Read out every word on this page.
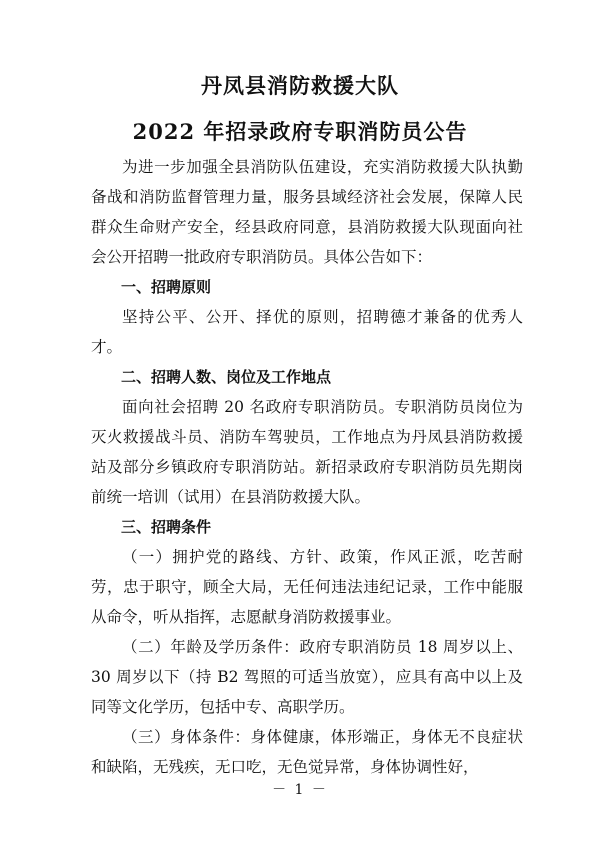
丹凤县消防救援大队
2022 年招录政府专职消防员公告

为进一步加强全县消防队伍建设，充实消防救援大队执勤备战和消防监督管理力量，服务县域经济社会发展，保障人民群众生命财产安全，经县政府同意，县消防救援大队现面向社会公开招聘一批政府专职消防员。具体公告如下：

一、招聘原则

坚持公平、公开、择优的原则，招聘德才兼备的优秀人才。

二、招聘人数、岗位及工作地点

面向社会招聘 20 名政府专职消防员。专职消防员岗位为灭火救援战斗员、消防车驾驶员，工作地点为丹凤县消防救援站及部分乡镇政府专职消防站。新招录政府专职消防员先期岗前统一培训（试用）在县消防救援大队。

三、招聘条件

（一）拥护党的路线、方针、政策，作风正派，吃苦耐劳，忠于职守，顾全大局，无任何违法违纪记录，工作中能服从命令，听从指挥，志愿献身消防救援事业。

（二）年龄及学历条件：政府专职消防员 18 周岁以上、30 周岁以下（持 B2 驾照的可适当放宽），应具有高中以上及同等文化学历，包括中专、高职学历。

（三）身体条件：身体健康，体形端正，身体无不良症状和缺陷，无残疾，无口吃，无色觉异常，身体协调性好，

－ 1 －
